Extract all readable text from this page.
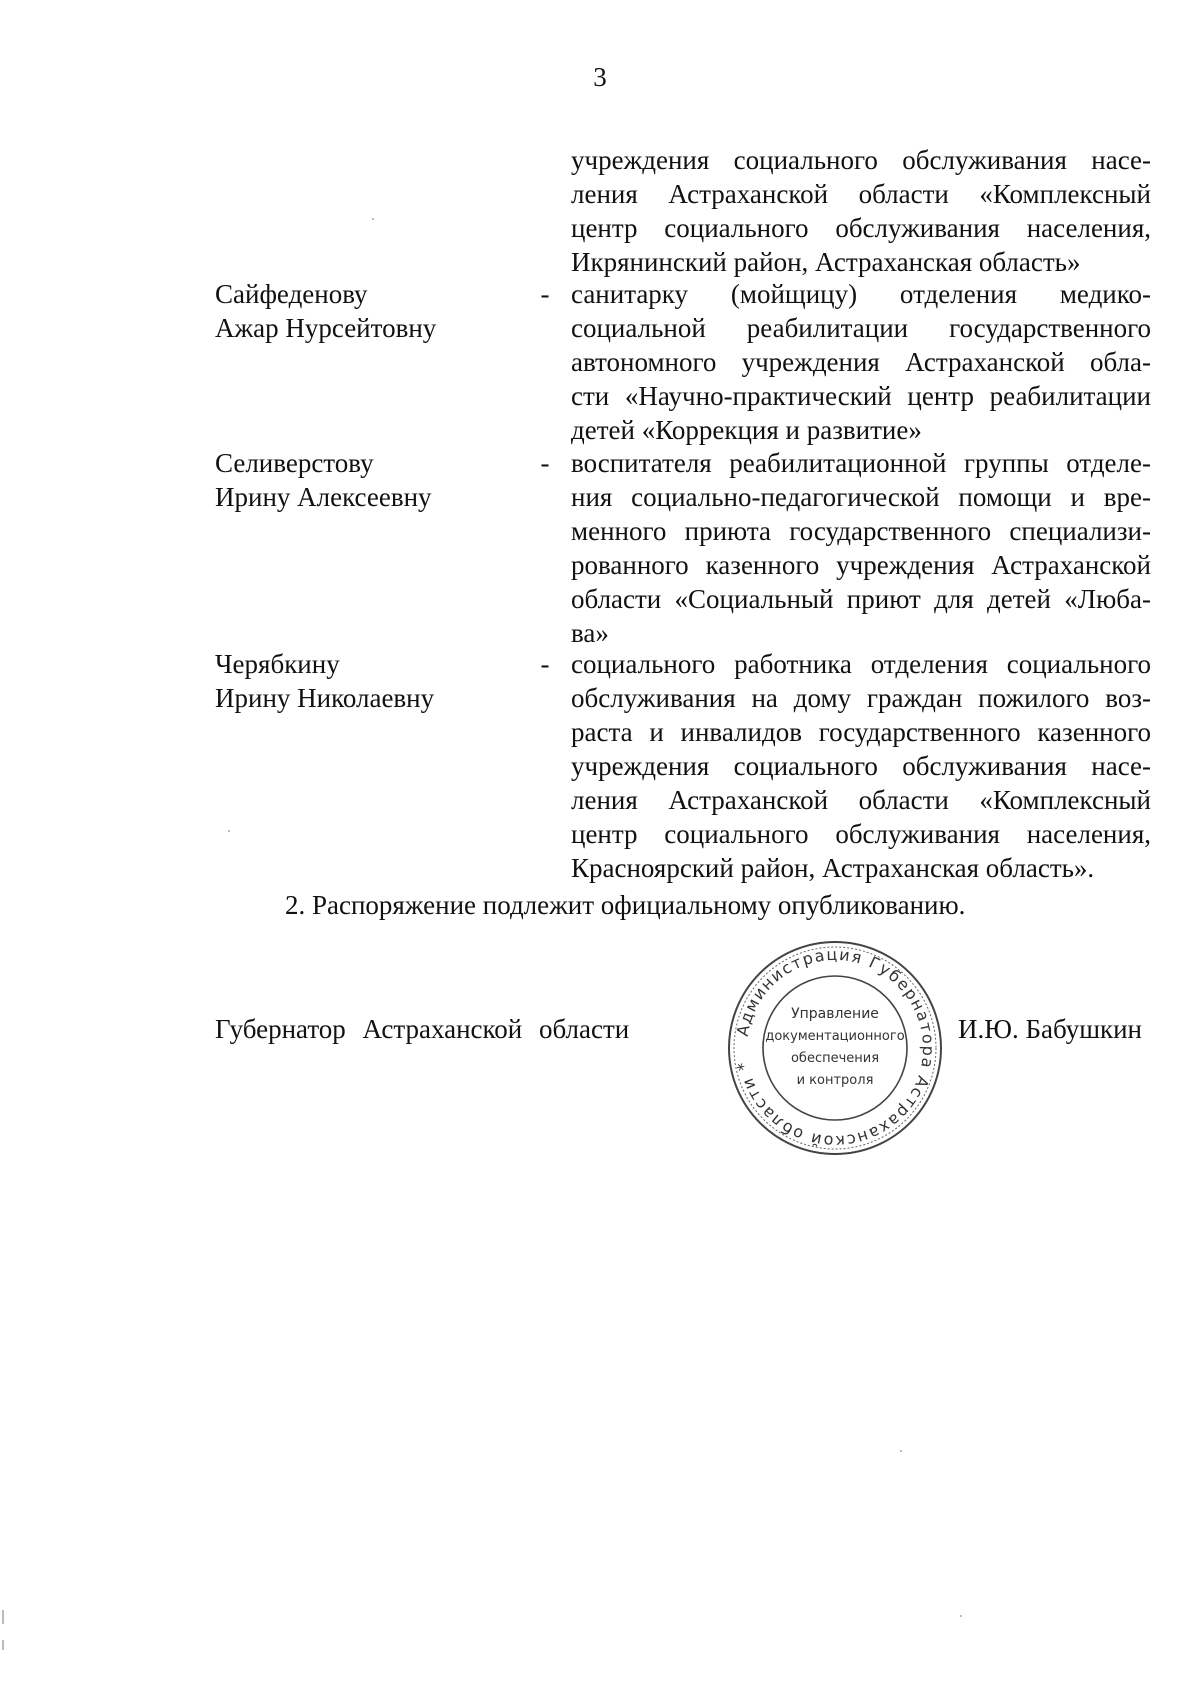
3
учреждения социального обслуживания насе-
ления Астраханской области «Комплексный
центр социального обслуживания населения,
Икрянинский район, Астраханская область»
Сайфеденову
Ажар Нурсейтовну
- санитарку (мойщицу) отделения медико-
социальной реабилитации государственного
автономного учреждения Астраханской обла-
сти «Научно-практический центр реабилитации
детей «Коррекция и развитие»
Селиверстову
Ирину Алексеевну
- воспитателя реабилитационной группы отделе-
ния социально-педагогической помощи и вре-
менного приюта государственного специализи-
рованного казенного учреждения Астраханской
области «Социальный приют для детей «Люба-
ва»
Черябкину
Ирину Николаевну
- социального работника отделения социального
обслуживания на дому граждан пожилого воз-
раста и инвалидов государственного казенного
учреждения социального обслуживания насе-
ления Астраханской области «Комплексный
центр социального обслуживания населения,
Красноярский район, Астраханская область».
2. Распоряжение подлежит официальному опубликованию.
Губернатор Астраханской области	Администрация Губернатора Астраханской области *
Управление
документационного
обеспечения
и контроля
И.Ю. Бабушкин
